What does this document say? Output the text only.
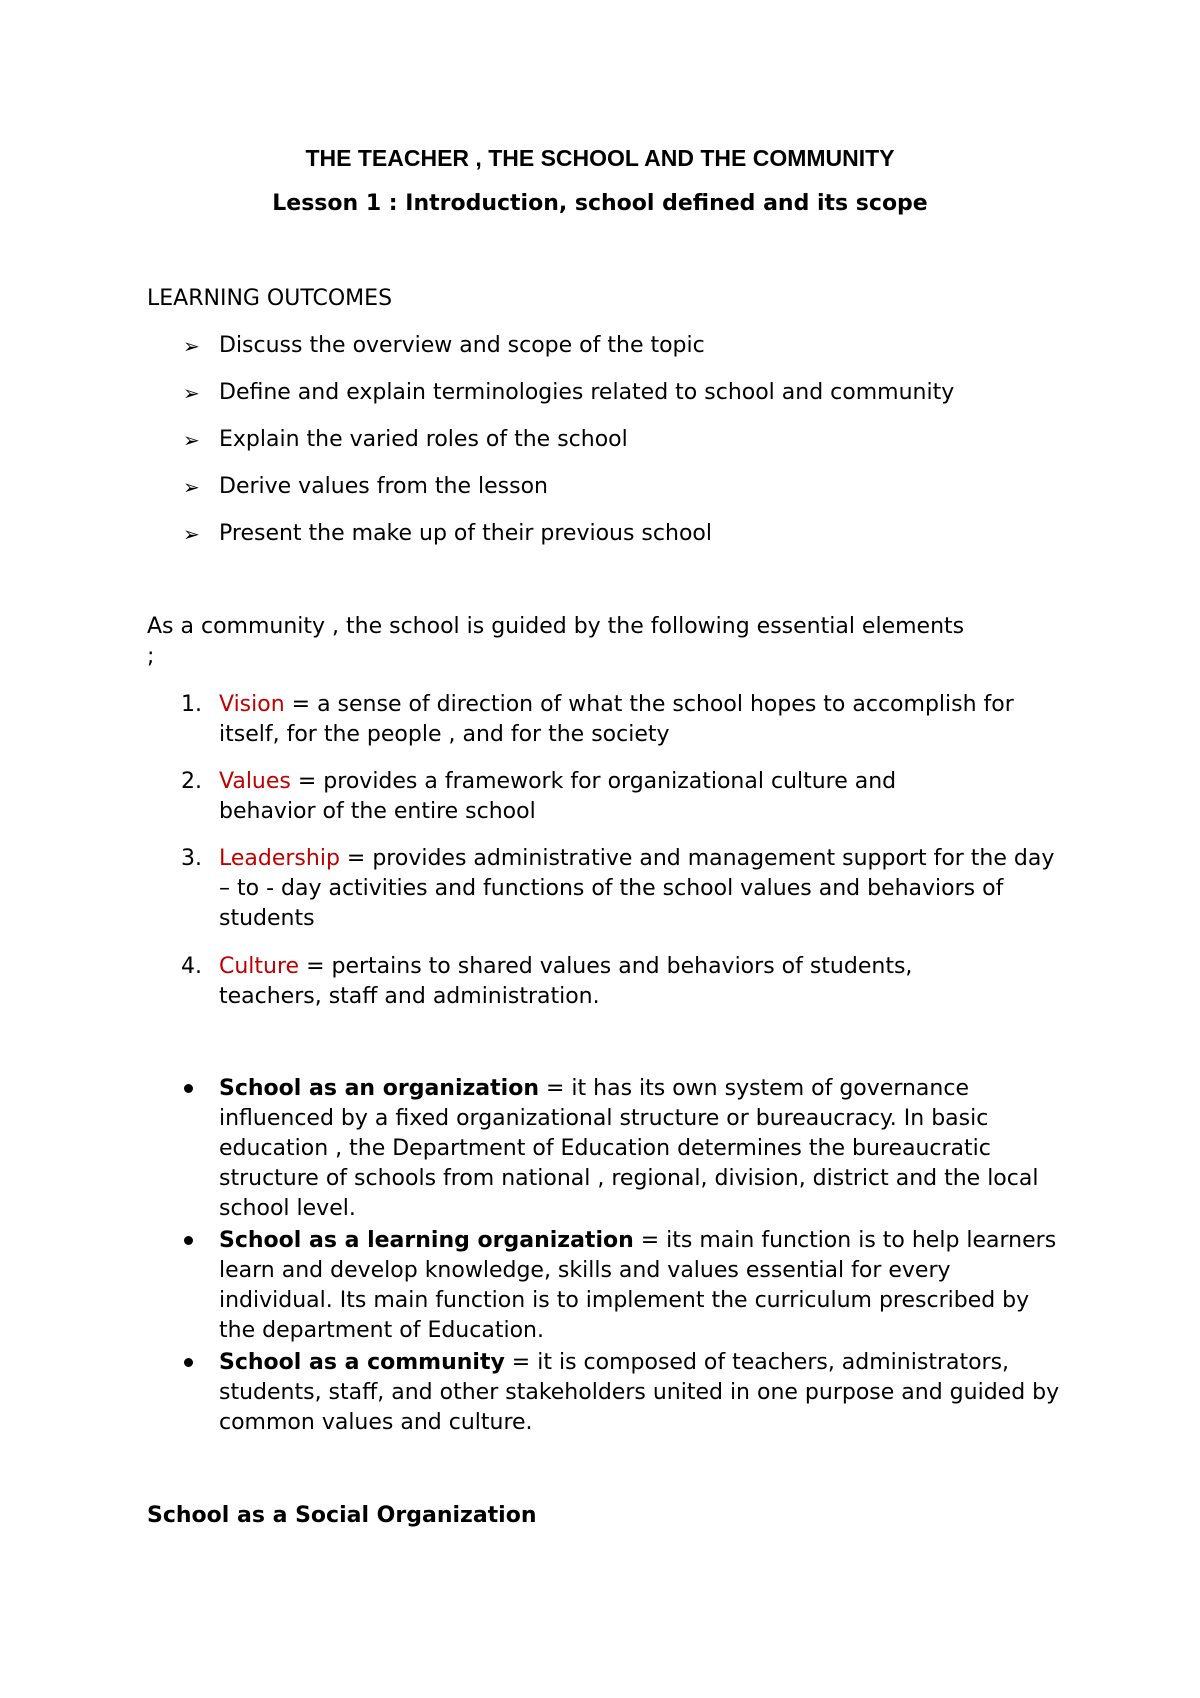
THE TEACHER , THE SCHOOL AND THE COMMUNITY
Lesson 1 : Introduction, school defined and its scope
LEARNING OUTCOMES
➢ Discuss the overview and scope of the topic
➢ Define and explain terminologies related to school and community
➢ Explain the varied roles of the school
➢ Derive values from the lesson
➢ Present the make up of their previous school
As a community , the school is guided by the following essential elements ;
1. Vision = a sense of direction of what the school hopes to accomplish for itself, for the people , and for the society
2. Values = provides a framework for organizational culture and behavior of the entire school
3. Leadership = provides administrative and management support for the day – to - day activities and functions of the school values and behaviors of students
4. Culture = pertains to shared values and behaviors of students, teachers, staff and administration.
School as an organization = it has its own system of governance influenced by a fixed organizational structure or bureaucracy. In basic education , the Department of Education determines the bureaucratic structure of schools from national , regional, division, district and the local school level.
School as a learning organization = its main function is to help learners learn and develop knowledge, skills and values essential for every individual. Its main function is to implement the curriculum prescribed by the department of Education.
School as a community = it is composed of teachers, administrators, students, staff, and other stakeholders united in one purpose and guided by common values and culture.
School as a Social Organization
